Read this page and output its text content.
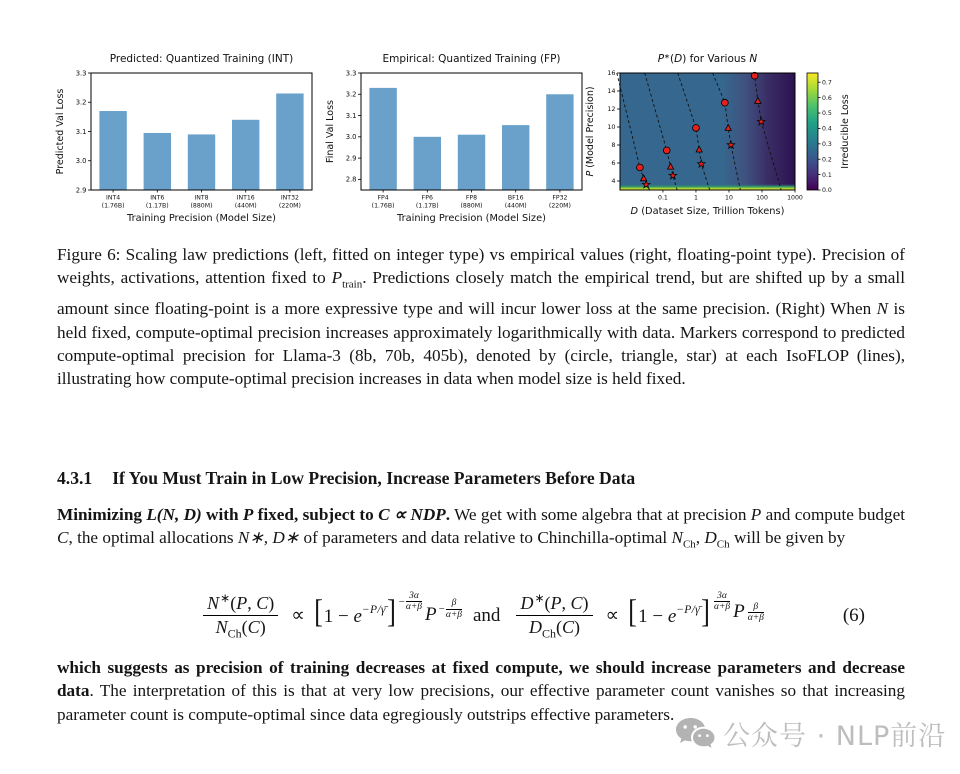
Predicted: Quantized Training (INT)
2.9
3.0
3.1
3.2
3.3
INT4
(1.76B)
INT6
(1.17B)
INT8
(880M)
INT16
(440M)
INT32
(220M)
Predicted Val Loss
Training Precision (Model Size)
Empirical: Quantized Training (FP)
2.8
2.9
3.0
3.1
3.2
3.3
FP4
(1.76B)
FP6
(1.17B)
FP8
(880M)
BF16
(440M)
FP32
(220M)
Final Val Loss
Training Precision (Model Size)
4
6
8
10
12
14
16
0.1	1	10	100	1000
P∗(D) for Various N
D (Dataset Size, Trillion Tokens)
P (Model Precision)
0.0
0.1
0.2
0.3
0.4
0.5
0.6
0.7
Irreducible Loss

Figure 6: Scaling law predictions (left, fitted on integer type) vs empirical values (right, floating-point type). Precision of weights, activations, attention fixed to $P_{train}$. Predictions closely match the empirical trend, but are shifted up by a small amount since floating-point is a more expressive type and will incur lower loss at the same precision. (Right) When N is held fixed, compute-optimal precision increases approximately logarithmically with data. Markers correspond to predicted compute-optimal precision for Llama-3 (8b, 70b, 405b), denoted by (circle, triangle, star) at each IsoFLOP (lines), illustrating how compute-optimal precision increases in data when model size is held fixed.

4.3.1 If You Must Train in Low Precision, Increase Parameters Before Data

Minimizing L(N, D) with P fixed, subject to C ∝ NDP. We get with some algebra that at precision P and compute budget C, the optimal allocations N∗, D∗ of parameters and data relative to Chinchilla-optimal $N_{Ch}$, $D_{Ch}$ will be given by

$\frac{N^∗(P, C)}{N_{Ch}(C)} \propto [1 - e^{-P/\gammā}] - \frac{3\alpha}{\alpha+\beta}$
$P - \frac{\beta}{\alpha+\beta}$ and $\frac{D^∗(P, C)}{D_{Ch}(C)} \propto [1 - e^{-P/\gammā}]$ 3α
α+β P β
α+β	(6)

which suggests as precision of training decreases at fixed compute, we should increase parameters and decrease data. The interpretation of this is that at very low precisions, our effective parameter count vanishes so that increasing parameter count is compute-optimal since data egregiously outstrips effective parameters.

公众号 · NLP前沿
